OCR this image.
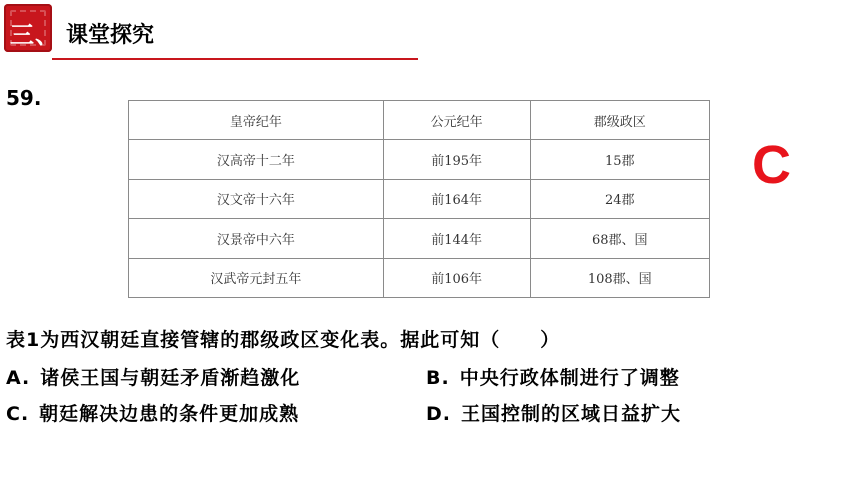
三、 课堂探究
59.
皇帝纪年	公元纪年	郡级政区
汉高帝十二年	前195年	15郡
汉文帝十六年	前164年	24郡
汉景帝中六年	前144年	68郡、国
汉武帝元封五年	前106年	108郡、国
C
表1为西汉朝廷直接管辖的郡级政区变化表。据此可知（　　）
A. 诸侯王国与朝廷矛盾渐趋激化	B. 中央行政体制进行了调整
C. 朝廷解决边患的条件更加成熟	D. 王国控制的区域日益扩大
